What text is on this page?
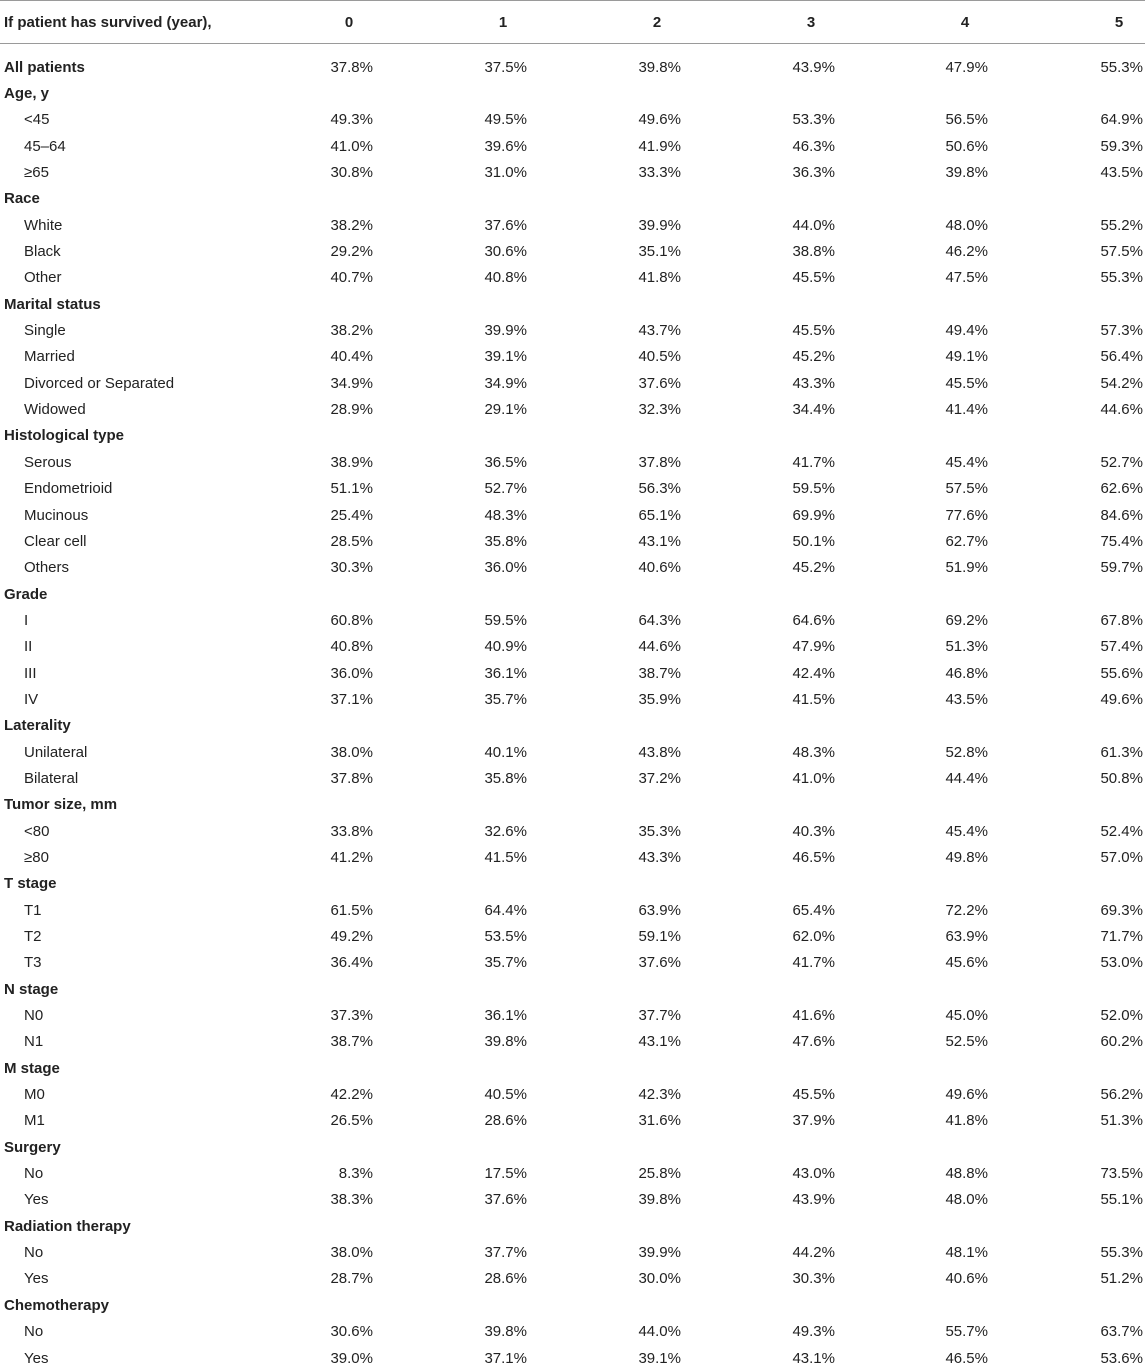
If patient has survived (year),	0	1	2	3	4	5
All patients	37.8%	37.5%	39.8%	43.9%	47.9%	55.3%
Age, y
<45	49.3%	49.5%	49.6%	53.3%	56.5%	64.9%
45–64	41.0%	39.6%	41.9%	46.3%	50.6%	59.3%
≥65	30.8%	31.0%	33.3%	36.3%	39.8%	43.5%
Race
White	38.2%	37.6%	39.9%	44.0%	48.0%	55.2%
Black	29.2%	30.6%	35.1%	38.8%	46.2%	57.5%
Other	40.7%	40.8%	41.8%	45.5%	47.5%	55.3%
Marital status
Single	38.2%	39.9%	43.7%	45.5%	49.4%	57.3%
Married	40.4%	39.1%	40.5%	45.2%	49.1%	56.4%
Divorced or Separated	34.9%	34.9%	37.6%	43.3%	45.5%	54.2%
Widowed	28.9%	29.1%	32.3%	34.4%	41.4%	44.6%
Histological type
Serous	38.9%	36.5%	37.8%	41.7%	45.4%	52.7%
Endometrioid	51.1%	52.7%	56.3%	59.5%	57.5%	62.6%
Mucinous	25.4%	48.3%	65.1%	69.9%	77.6%	84.6%
Clear cell	28.5%	35.8%	43.1%	50.1%	62.7%	75.4%
Others	30.3%	36.0%	40.6%	45.2%	51.9%	59.7%
Grade
I	60.8%	59.5%	64.3%	64.6%	69.2%	67.8%
II	40.8%	40.9%	44.6%	47.9%	51.3%	57.4%
III	36.0%	36.1%	38.7%	42.4%	46.8%	55.6%
IV	37.1%	35.7%	35.9%	41.5%	43.5%	49.6%
Laterality
Unilateral	38.0%	40.1%	43.8%	48.3%	52.8%	61.3%
Bilateral	37.8%	35.8%	37.2%	41.0%	44.4%	50.8%
Tumor size, mm
<80	33.8%	32.6%	35.3%	40.3%	45.4%	52.4%
≥80	41.2%	41.5%	43.3%	46.5%	49.8%	57.0%
T stage
T1	61.5%	64.4%	63.9%	65.4%	72.2%	69.3%
T2	49.2%	53.5%	59.1%	62.0%	63.9%	71.7%
T3	36.4%	35.7%	37.6%	41.7%	45.6%	53.0%
N stage
N0	37.3%	36.1%	37.7%	41.6%	45.0%	52.0%
N1	38.7%	39.8%	43.1%	47.6%	52.5%	60.2%
M stage
M0	42.2%	40.5%	42.3%	45.5%	49.6%	56.2%
M1	26.5%	28.6%	31.6%	37.9%	41.8%	51.3%
Surgery
No	8.3%	17.5%	25.8%	43.0%	48.8%	73.5%
Yes	38.3%	37.6%	39.8%	43.9%	48.0%	55.1%
Radiation therapy
No	38.0%	37.7%	39.9%	44.2%	48.1%	55.3%
Yes	28.7%	28.6%	30.0%	30.3%	40.6%	51.2%
Chemotherapy
No	30.6%	39.8%	44.0%	49.3%	55.7%	63.7%
Yes	39.0%	37.1%	39.1%	43.1%	46.5%	53.6%
